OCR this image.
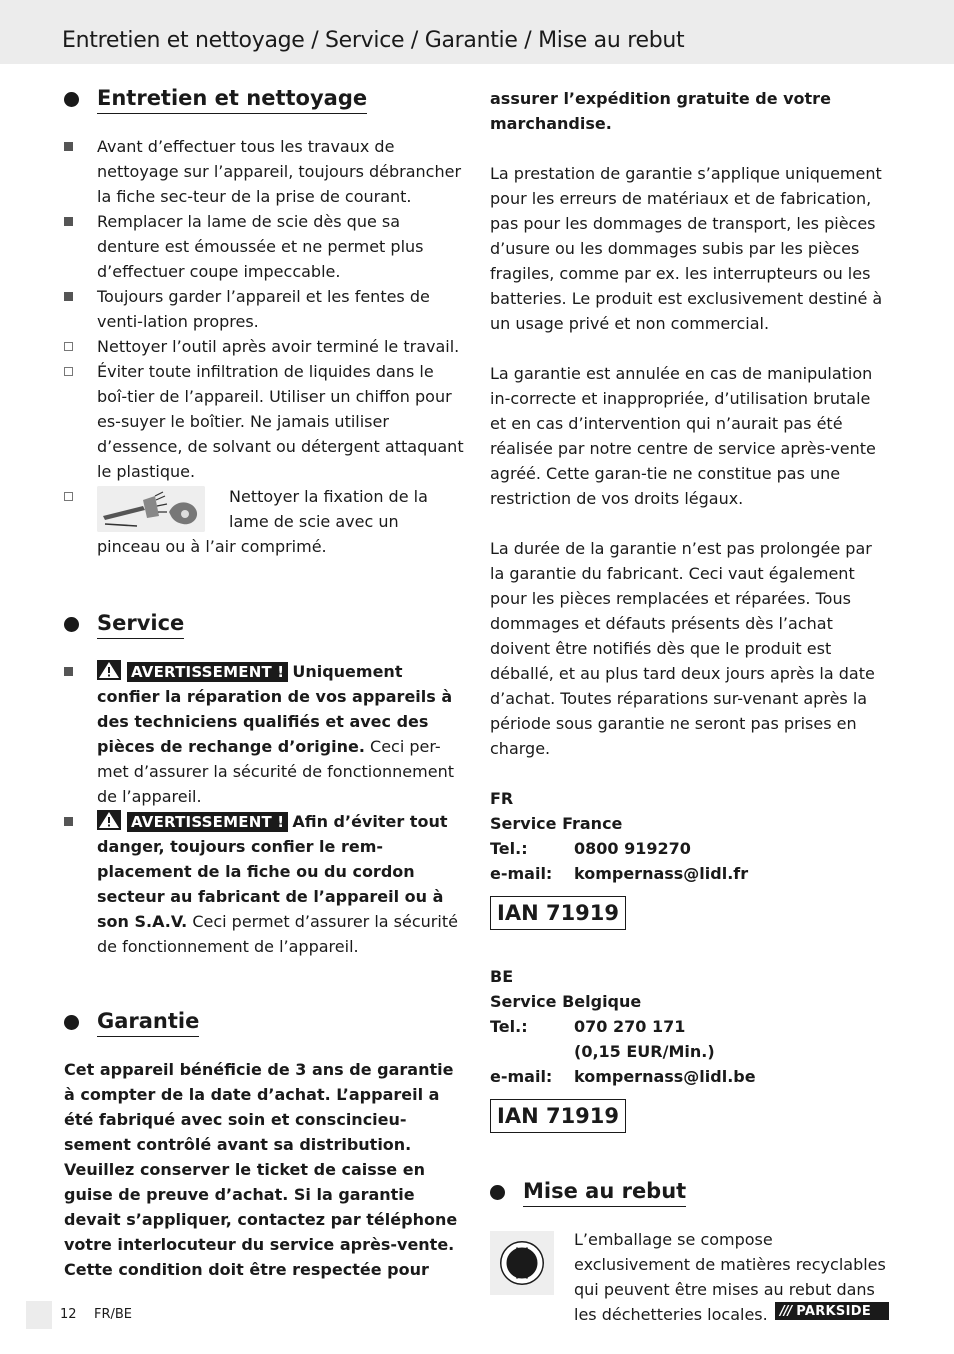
Entretien et nettoyage / Service / Garantie / Mise au rebut
Entretien et nettoyage
Avant d’effectuer tous les travaux de nettoyage sur l’appareil, toujours débrancher la fiche sec-teur de la prise de courant.
Remplacer la lame de scie dès que sa denture est émoussée et ne permet plus d’effectuer coupe impeccable.
Toujours garder l’appareil et les fentes de venti-lation propres.
Nettoyer l’outil après avoir terminé le travail.
Éviter toute infiltration de liquides dans le boî-tier de l’appareil. Utiliser un chiffon pour es-suyer le boîtier. Ne jamais utiliser d’essence, de solvant ou détergent attaquant le plastique.
Nettoyer la fixation de la lame de scie avec un pinceau ou à l’air comprimé.
Service
AVERTISSEMENT ! Uniquement confier la réparation de vos appareils à des techniciens qualifiés et avec des pièces de rechange d’origine. Ceci per-met d’assurer la sécurité de fonctionnement de l’appareil.
AVERTISSEMENT ! Afin d’éviter tout danger, toujours confier le rem-placement de la fiche ou du cordon secteur au fabricant de l’appareil ou à son S.A.V. Ceci permet d’assurer la sécurité de fonctionnement de l’appareil.
Garantie

Cet appareil bénéficie de 3 ans de garantie à compter de la date d’achat. L’appareil a été fabriqué avec soin et conscincieu-sement contrôlé avant sa distribution. Veuillez conserver le ticket de caisse en guise de preuve d’achat. Si la garantie devait s’appliquer, contactez par téléphone votre interlocuteur du service après-vente. Cette condition doit être respectée pour

assurer l’expédition gratuite de votre marchandise.

La prestation de garantie s’applique uniquement pour les erreurs de matériaux et de fabrication, pas pour les dommages de transport, les pièces d’usure ou les dommages subis par les pièces fragiles, comme par ex. les interrupteurs ou les batteries. Le produit est exclusivement destiné à un usage privé et non commercial.

La garantie est annulée en cas de manipulation in-correcte et inappropriée, d’utilisation brutale et en cas d’intervention qui n’aurait pas été réalisée par notre centre de service après-vente agréé. Cette garan-tie ne constitue pas une restriction de vos droits légaux.

La durée de la garantie n’est pas prolongée par la garantie du fabricant. Ceci vaut également pour les pièces remplacées et réparées. Tous dommages et défauts présents dès l’achat doivent être notifiés dès que le produit est déballé, et au plus tard deux jours après la date d’achat. Toutes réparations sur-venant après la période sous garantie ne seront pas prises en charge.

FR
Service France
Tel.:	0800 919270
e-mail:	kompernass@lidl.fr
IAN 71919
BE
Service Belgique
Tel.:	070 270 171
(0,15 EUR/Min.)
e-mail:	kompernass@lidl.be
IAN 71919
Mise au rebut

L’emballage se compose exclusivement de matières recyclables qui peuvent être mises au rebut dans les déchetteries locales.

12 FR/BE	/// PARKSIDE
